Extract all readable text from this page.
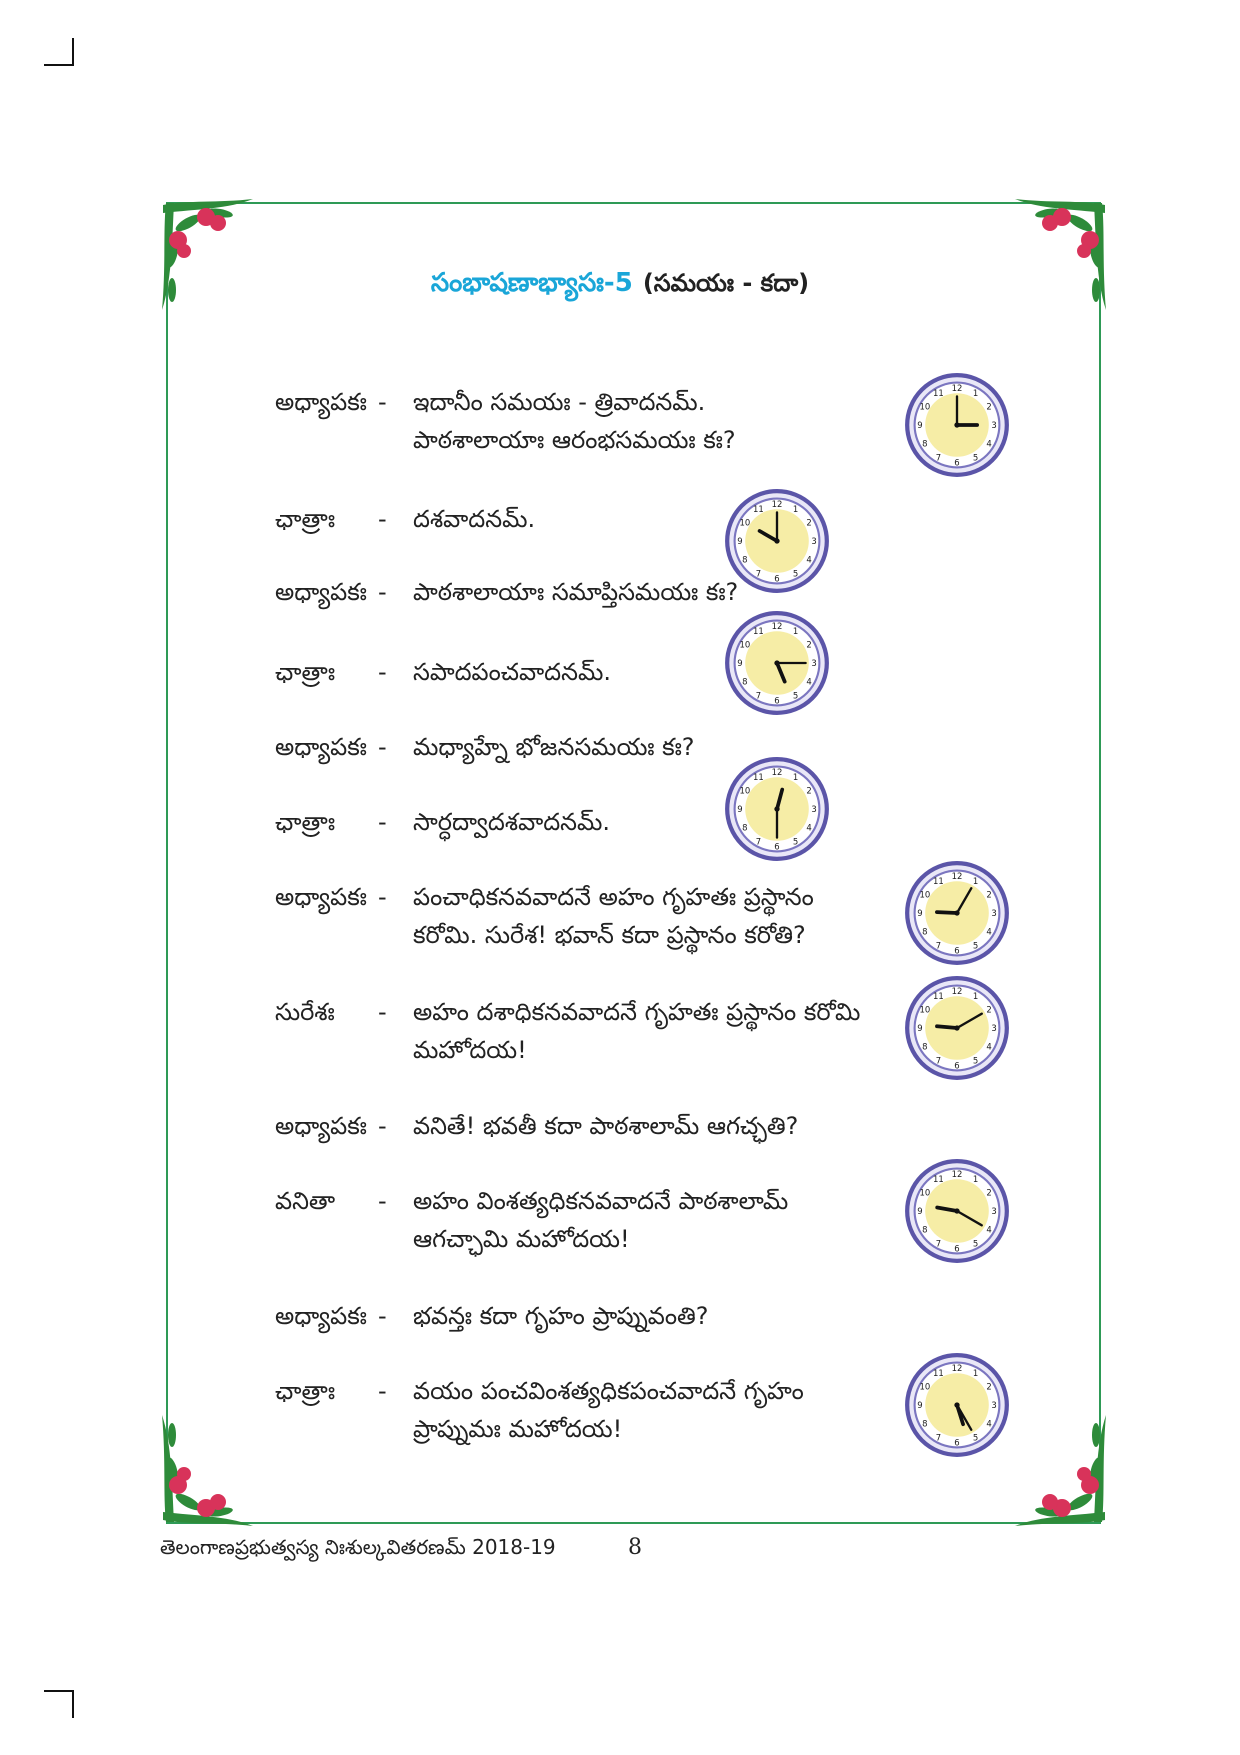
సంభాషణాభ్యాసః-5 (సమయః - కదా)
అధ్యాపకః - ఇదానీం సమయః - త్రివాదనమ్.
పాఠశాలాయాః ఆరంభసమయః కః?
ఛాత్రాః - దశవాదనమ్.
అధ్యాపకః - పాఠశాలాయాః సమాప్తిసమయః కః?
ఛాత్రాః - సపాదపంచవాదనమ్.
అధ్యాపకః - మధ్యాహ్నే భోజనసమయః కః?
ఛాత్రాః - సార్ధద్వాదశవాదనమ్.
అధ్యాపకః - పంచాధికనవవాదనే అహం గృహతః ప్రస్థానం
కరోమి. సురేశ! భవాన్ కదా ప్రస్థానం కరోతి?
సురేశః - అహం దశాధికనవవాదనే గృహతః ప్రస్థానం కరోమి
మహోదయ!
అధ్యాపకః - వనితే! భవతీ కదా పాఠశాలామ్ ఆగచ్ఛతి?
వనితా - అహం వింశత్యధికనవవాదనే పాఠశాలామ్
ఆగచ్ఛామి మహోదయ!
అధ్యాపకః - భవన్తః కదా గృహం ప్రాప్నువంతి?
ఛాత్రాః - వయం పంచవింశత్యధికపంచవాదనే గృహం
ప్రాప్నుమః మహోదయ!
12 1
2
3
4
5
6
7
8
9
10
11
12 1
2
3
4
5
6
7
8
9
10
11
12 1
2
3
4
5
6
7
8
9
10
11
12 1
2
3
4
5
6
7
8
9
10
11
12 1
2
3
4
5
6
7
8
9
10
11
12 1
2
3
4
5
6
7
8
9
10
11
12 1
2
3
4
5
6
7
8
9
10
11
12 1
2
3
4
5
6
7
8
9
10
11
తెలంగాణప్రభుత్వస్య నిఃశుల్కవితరణమ్ 2018-19	8
